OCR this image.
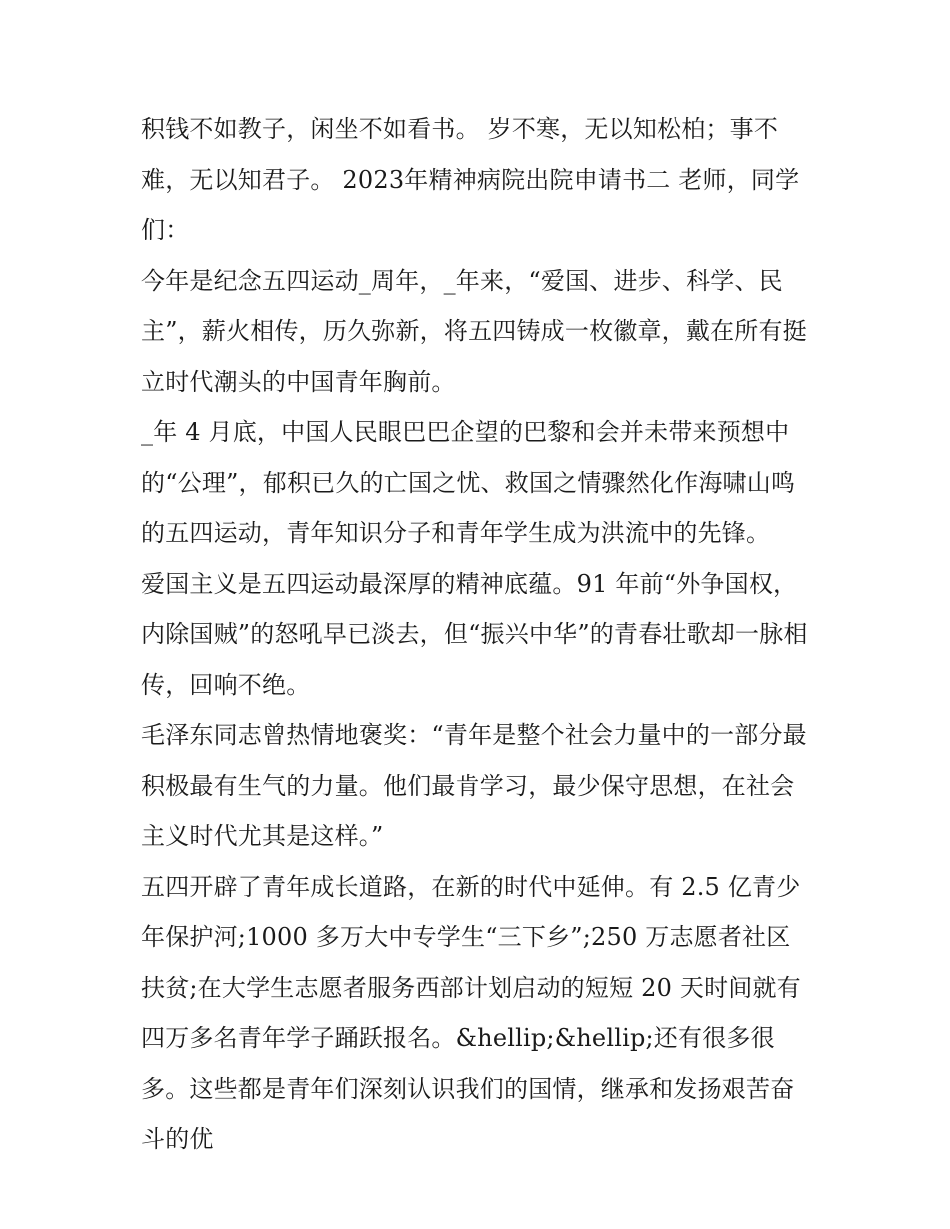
积钱不如教子，闲坐不如看书。 岁不寒，无以知松柏；事不难，无以知君子。 2023年精神病院出院申请书二 老师，同学们：

今年是纪念五四运动_周年，_年来，“爱国、进步、科学、民主”，薪火相传，历久弥新，将五四铸成一枚徽章，戴在所有挺立时代潮头的中国青年胸前。

_年 4 月底，中国人民眼巴巴企望的巴黎和会并未带来预想中的“公理”，郁积已久的亡国之忧、救国之情骤然化作海啸山鸣的五四运动，青年知识分子和青年学生成为洪流中的先锋。

爱国主义是五四运动最深厚的精神底蕴。91 年前“外争国权，内除国贼”的怒吼早已淡去，但“振兴中华”的青春壮歌却一脉相传，回响不绝。

毛泽东同志曾热情地褒奖：“青年是整个社会力量中的一部分最积极最有生气的力量。他们最肯学习，最少保守思想，在社会主义时代尤其是这样。”

五四开辟了青年成长道路，在新的时代中延伸。有 2.5 亿青少年保护河;1000 多万大中专学生“三下乡”;250 万志愿者社区扶贫;在大学生志愿者服务西部计划启动的短短 20 天时间就有四万多名青年学子踊跃报名。&hellip;&hellip;还有很多很多。这些都是青年们深刻认识我们的国情，继承和发扬艰苦奋斗的优
